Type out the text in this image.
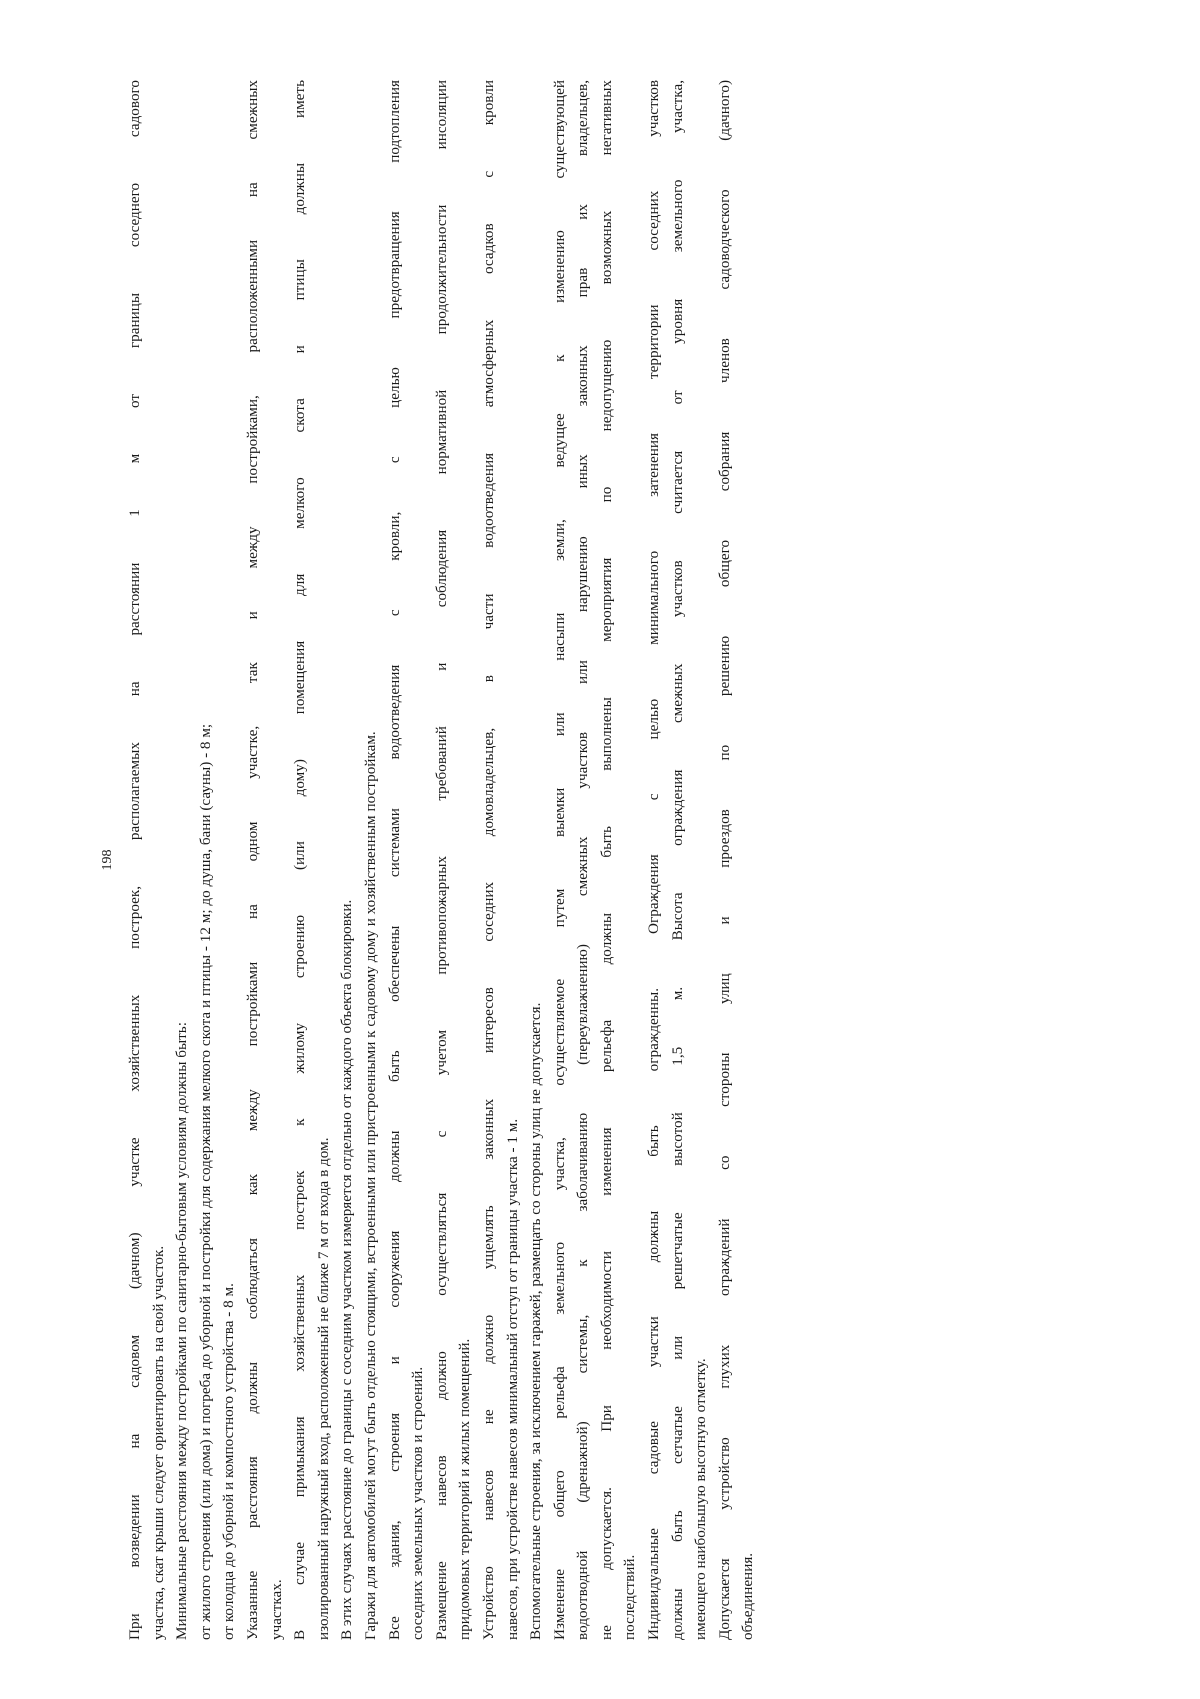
198 При возведении на садовом (дачном) участке хозяйственных построек, располагаемых на расстоянии 1 м от границы соседнего садового участка, скат крыши следует ориентировать на свой участок. Минимальные расстояния между постройками по санитарно-бытовым условиям должны быть: от жилого строения (или дома) и погреба до уборной и постройки для содержания мелкого скота и птицы - 12 м; до душа, бани (сауны) - 8 м; от колодца до уборной и компостного устройства - 8 м. Указанные расстояния должны соблюдаться как между постройками на одном участке, так и между постройками, расположенными на смежных участках. В случае примыкания хозяйственных построек к жилому строению (или дому) помещения для мелкого скота и птицы должны иметь изолированный наружный вход, расположенный не ближе 7 м от входа в дом. В этих случаях расстояние до границы с соседним участком измеряется отдельно от каждого объекта блокировки. Гаражи для автомобилей могут быть отдельно стоящими, встроенными или пристроенными к садовому дому и хозяйственным постройкам. Все здания, строения и сооружения должны быть обеспечены системами водоотведения с кровли, с целью предотвращения подтопления соседних земельных участков и строений. Размещение навесов должно осуществляться с учетом противопожарных требований и соблюдения нормативной продолжительности инсоляции придомовых территорий и жилых помещений. Устройство навесов не должно ущемлять законных интересов соседних домовладельцев, в части водоотведения атмосферных осадков с кровли навесов, при устройстве навесов минимальный отступ от границы участка - 1 м. Вспомогательные строения, за исключением гаражей, размещать со стороны улиц не допускается. Изменение общего рельефа земельного участка, осуществляемое путем выемки или насыпи земли, ведущее к изменению существующей водоотводной (дренажной) системы, к заболачиванию (переувлажнению) смежных участков или нарушению иных законных прав их владельцев, не допускается. При необходимости изменения рельефа должны быть выполнены мероприятия по недопущению возможных негативных последствий. Индивидуальные садовые участки должны быть огражденны. Ограждения с целью минимального затенения территории соседних участков должны быть сетчатые или решетчатые высотой 1,5 м. Высота ограждения смежных участков считается от уровня земельного участка, имеющего наибольшую высотную отметку. Допускается устройство глухих ограждений со стороны улиц и проездов по решению общего собрания членов садоводческого (дачного) объединения.
